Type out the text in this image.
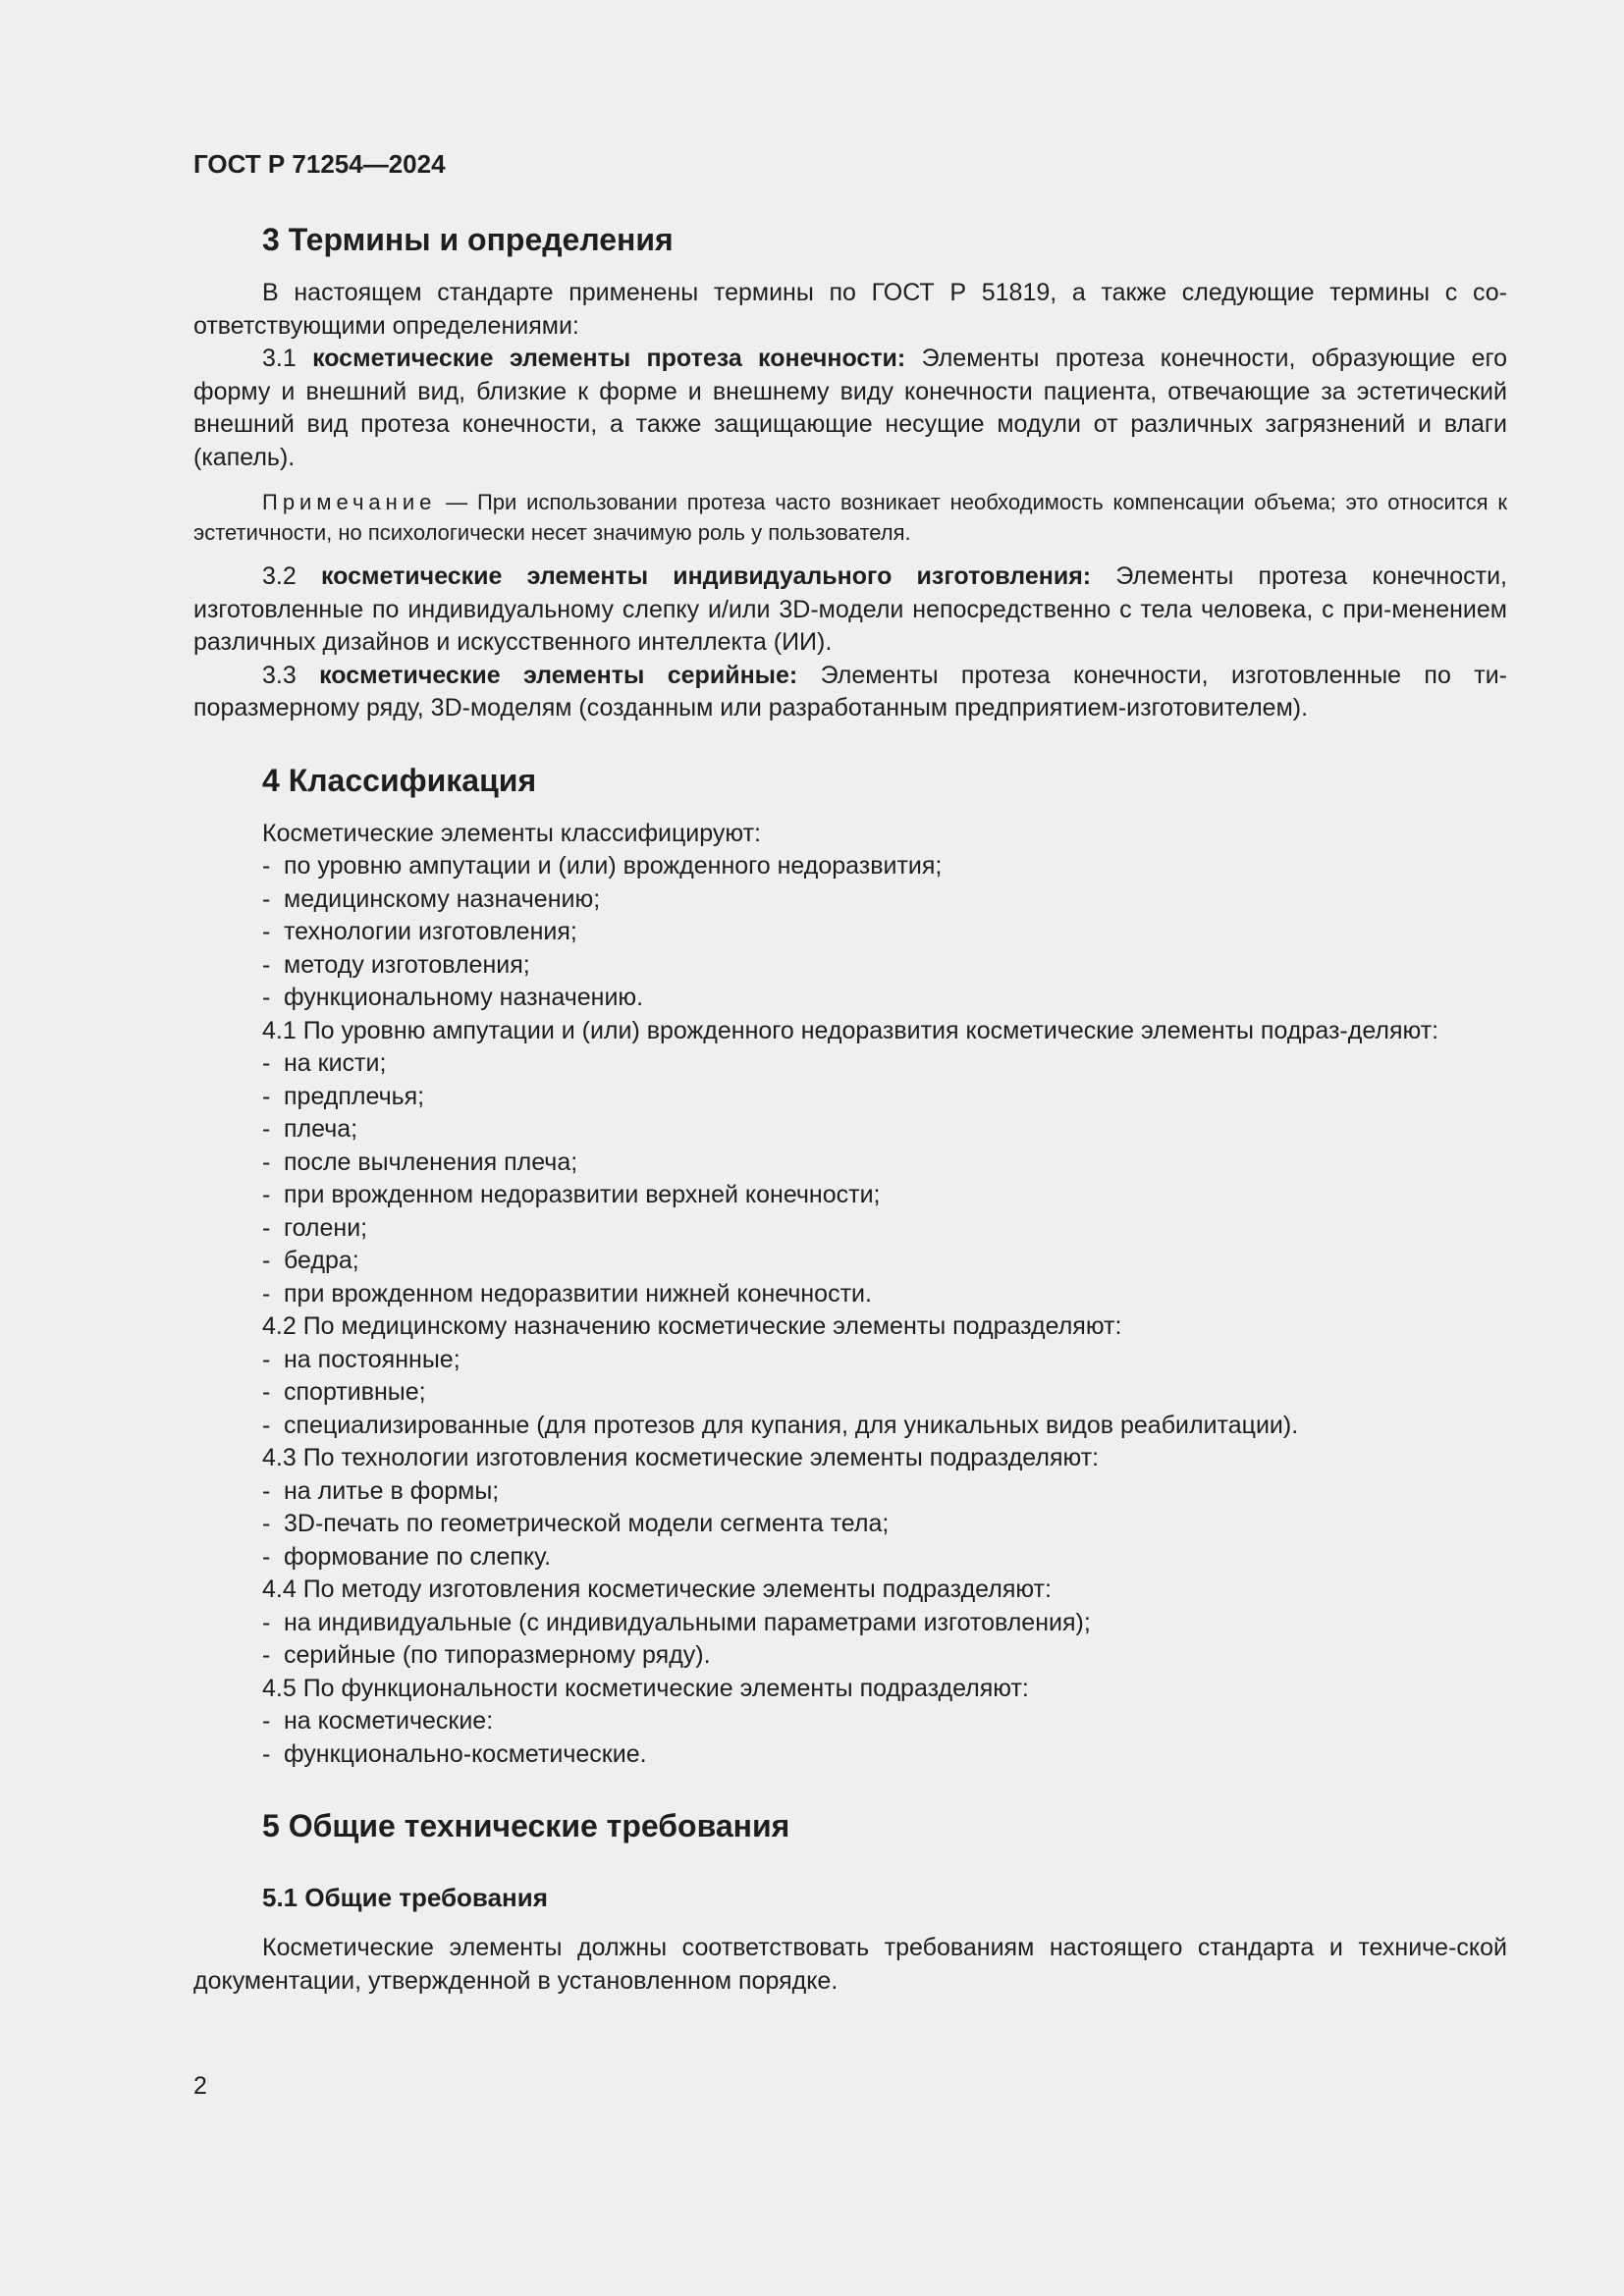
ГОСТ Р 71254—2024
3 Термины и определения
В настоящем стандарте применены термины по ГОСТ Р 51819, а также следующие термины с со-ответствующими определениями:
3.1 косметические элементы протеза конечности: Элементы протеза конечности, образующие его форму и внешний вид, близкие к форме и внешнему виду конечности пациента, отвечающие за эстетический внешний вид протеза конечности, а также защищающие несущие модули от различных загрязнений и влаги (капель).
Примечание — При использовании протеза часто возникает необходимость компенсации объема; это относится к эстетичности, но психологически несет значимую роль у пользователя.
3.2 косметические элементы индивидуального изготовления: Элементы протеза конечности, изготовленные по индивидуальному слепку и/или 3D-модели непосредственно с тела человека, с при-менением различных дизайнов и искусственного интеллекта (ИИ).
3.3 косметические элементы серийные: Элементы протеза конечности, изготовленные по ти-поразмерному ряду, 3D-моделям (созданным или разработанным предприятием-изготовителем).
4 Классификация
Косметические элементы классифицируют:
- по уровню ампутации и (или) врожденного недоразвития;
- медицинскому назначению;
- технологии изготовления;
- методу изготовления;
- функциональному назначению.
4.1 По уровню ампутации и (или) врожденного недоразвития косметические элементы подраз-деляют:
- на кисти;
- предплечья;
- плеча;
- после вычленения плеча;
- при врожденном недоразвитии верхней конечности;
- голени;
- бедра;
- при врожденном недоразвитии нижней конечности.
4.2 По медицинскому назначению косметические элементы подразделяют:
- на постоянные;
- спортивные;
- специализированные (для протезов для купания, для уникальных видов реабилитации).
4.3 По технологии изготовления косметические элементы подразделяют:
- на литье в формы;
- 3D-печать по геометрической модели сегмента тела;
- формование по слепку.
4.4 По методу изготовления косметические элементы подразделяют:
- на индивидуальные (с индивидуальными параметрами изготовления);
- серийные (по типоразмерному ряду).
4.5 По функциональности косметические элементы подразделяют:
- на косметические:
- функционально-косметические.
5 Общие технические требования
5.1 Общие требования
Косметические элементы должны соответствовать требованиям настоящего стандарта и техниче-ской документации, утвержденной в установленном порядке.
2
